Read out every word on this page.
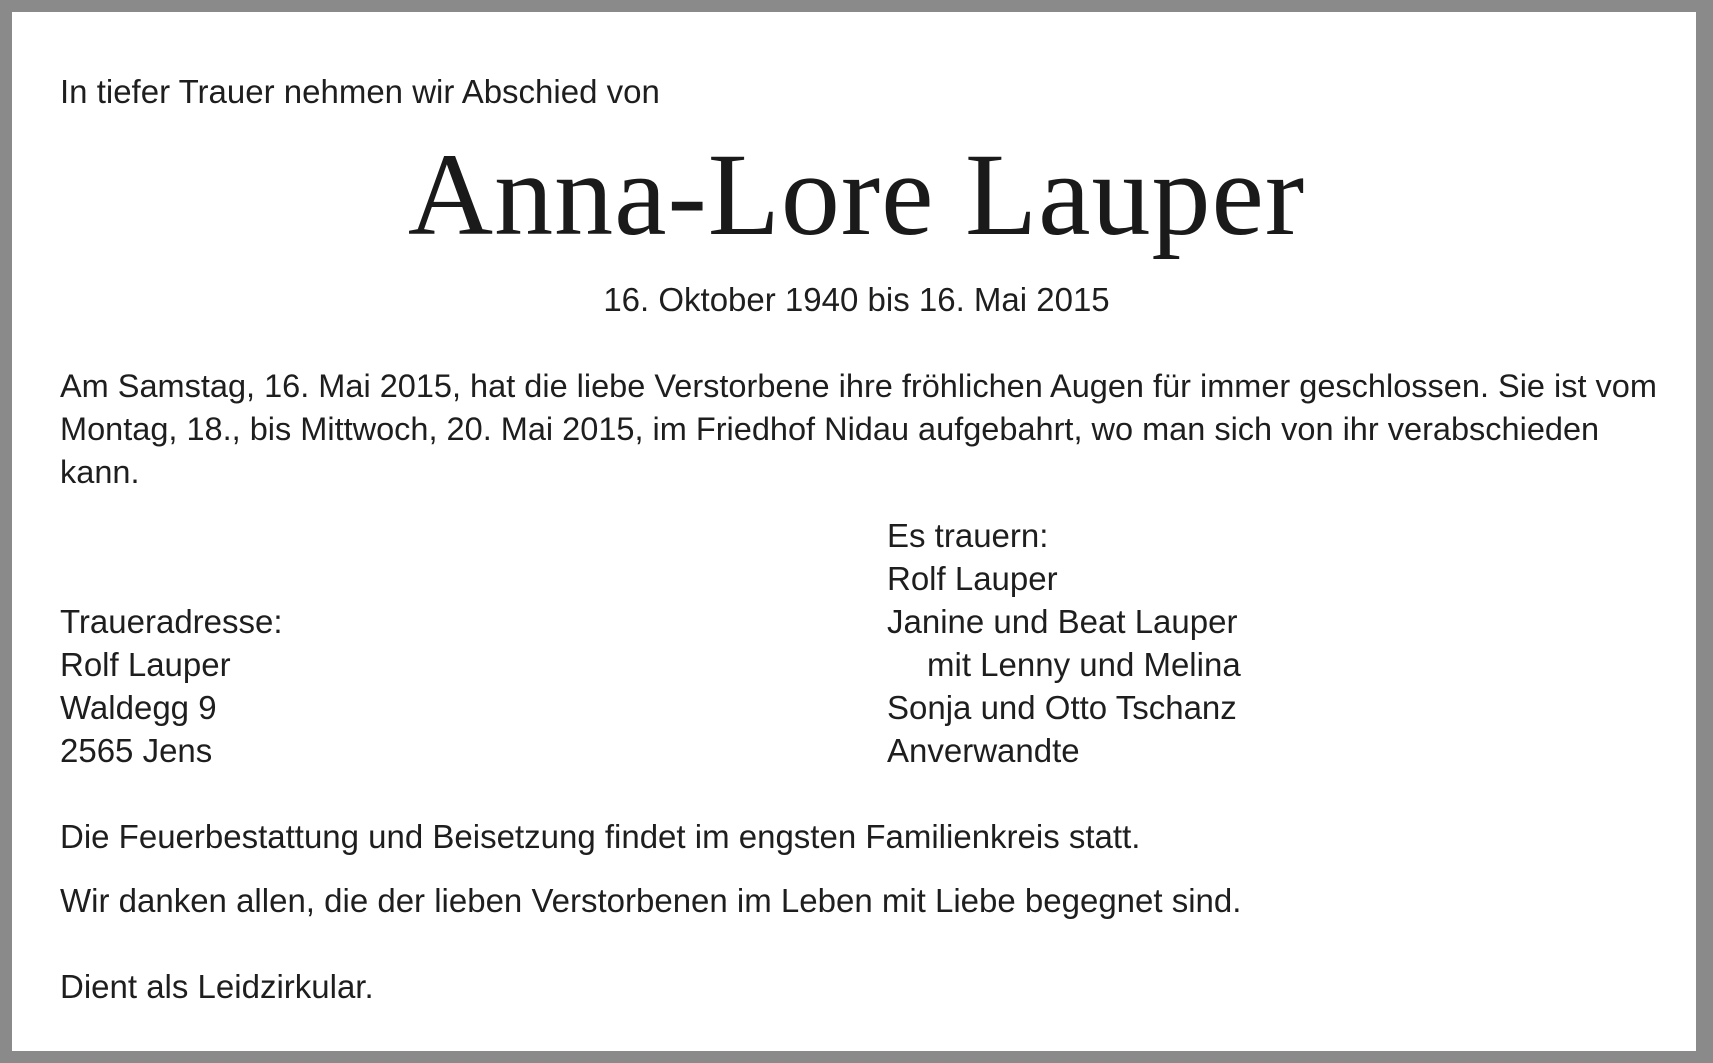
In tiefer Trauer nehmen wir Abschied von
Anna-Lore Lauper
16. Oktober 1940 bis 16. Mai 2015
Am Samstag, 16. Mai 2015, hat die liebe Verstorbene ihre fröhlichen Augen für immer geschlossen. Sie ist vom Montag, 18., bis Mittwoch, 20. Mai 2015, im Friedhof Nidau aufgebahrt, wo man sich von ihr verabschieden kann.
Traueradresse:
Rolf Lauper
Waldegg 9
2565 Jens
Es trauern:
Rolf Lauper
Janine und Beat Lauper
mit Lenny und Melina
Sonja und Otto Tschanz
Anverwandte
Die Feuerbestattung und Beisetzung findet im engsten Familienkreis statt.
Wir danken allen, die der lieben Verstorbenen im Leben mit Liebe begegnet sind.
Dient als Leidzirkular.
